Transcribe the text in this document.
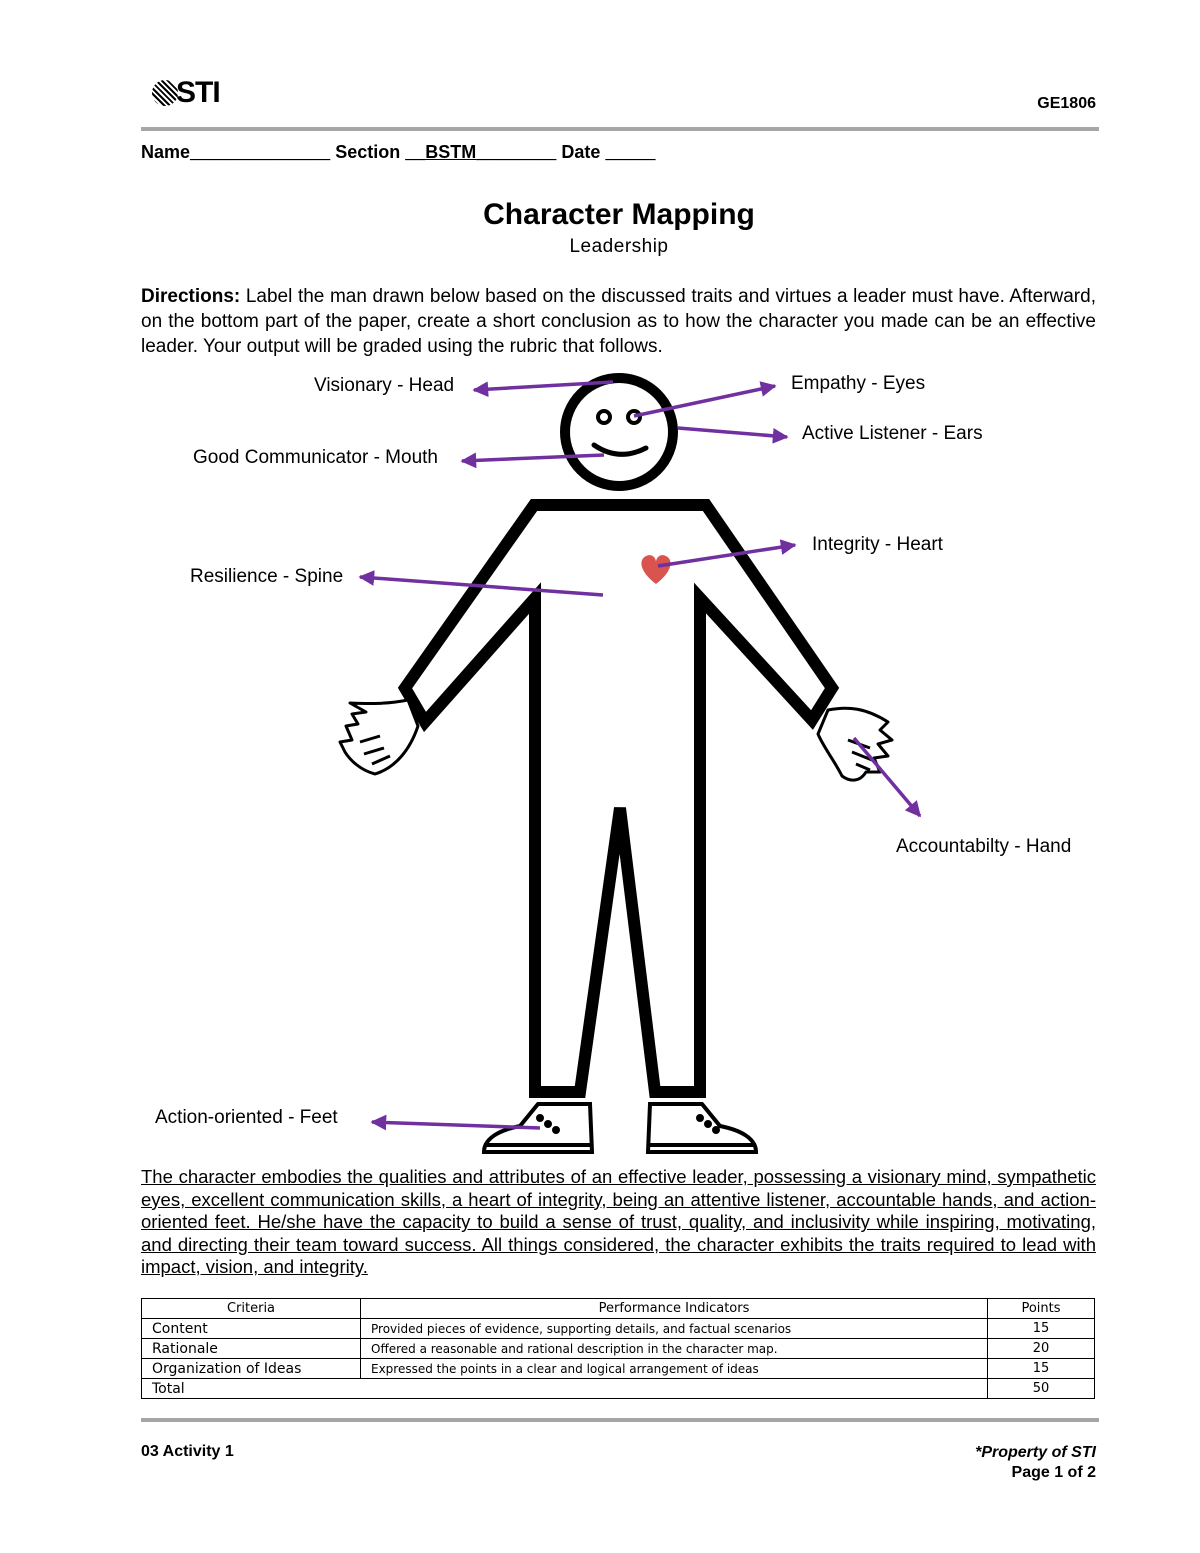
STI	GE1806
Name______________ Section __BSTM________ Date _____
Character Mapping
Leadership
Directions: Label the man drawn below based on the discussed traits and virtues a leader must have. Afterward, on the bottom part of the paper, create a short conclusion as to how the character you made can be an effective leader. Your output will be graded using the rubric that follows.
Visionary - Head	Empathy - Eyes
Active Listener - Ears
Good Communicator - Mouth
Integrity - Heart
Resilience - Spine
Accountabilty - Hand
Action-oriented - Feet
The character embodies the qualities and attributes of an effective leader, possessing a visionary mind, sympathetic eyes, excellent communication skills, a heart of integrity, being an attentive listener, accountable hands, and action-oriented feet. He/she have the capacity to build a sense of trust, quality, and inclusivity while inspiring, motivating, and directing their team toward success. All things considered, the character exhibits the traits required to lead with impact, vision, and integrity.
Criteria	Performance Indicators	Points
Content	Provided pieces of evidence, supporting details, and factual scenarios	15
Rationale	Offered a reasonable and rational description in the character map.	20
Organization of Ideas	Expressed the points in a clear and logical arrangement of ideas	15
Total		50
03 Activity 1	*Property of STI
Page 1 of 2
